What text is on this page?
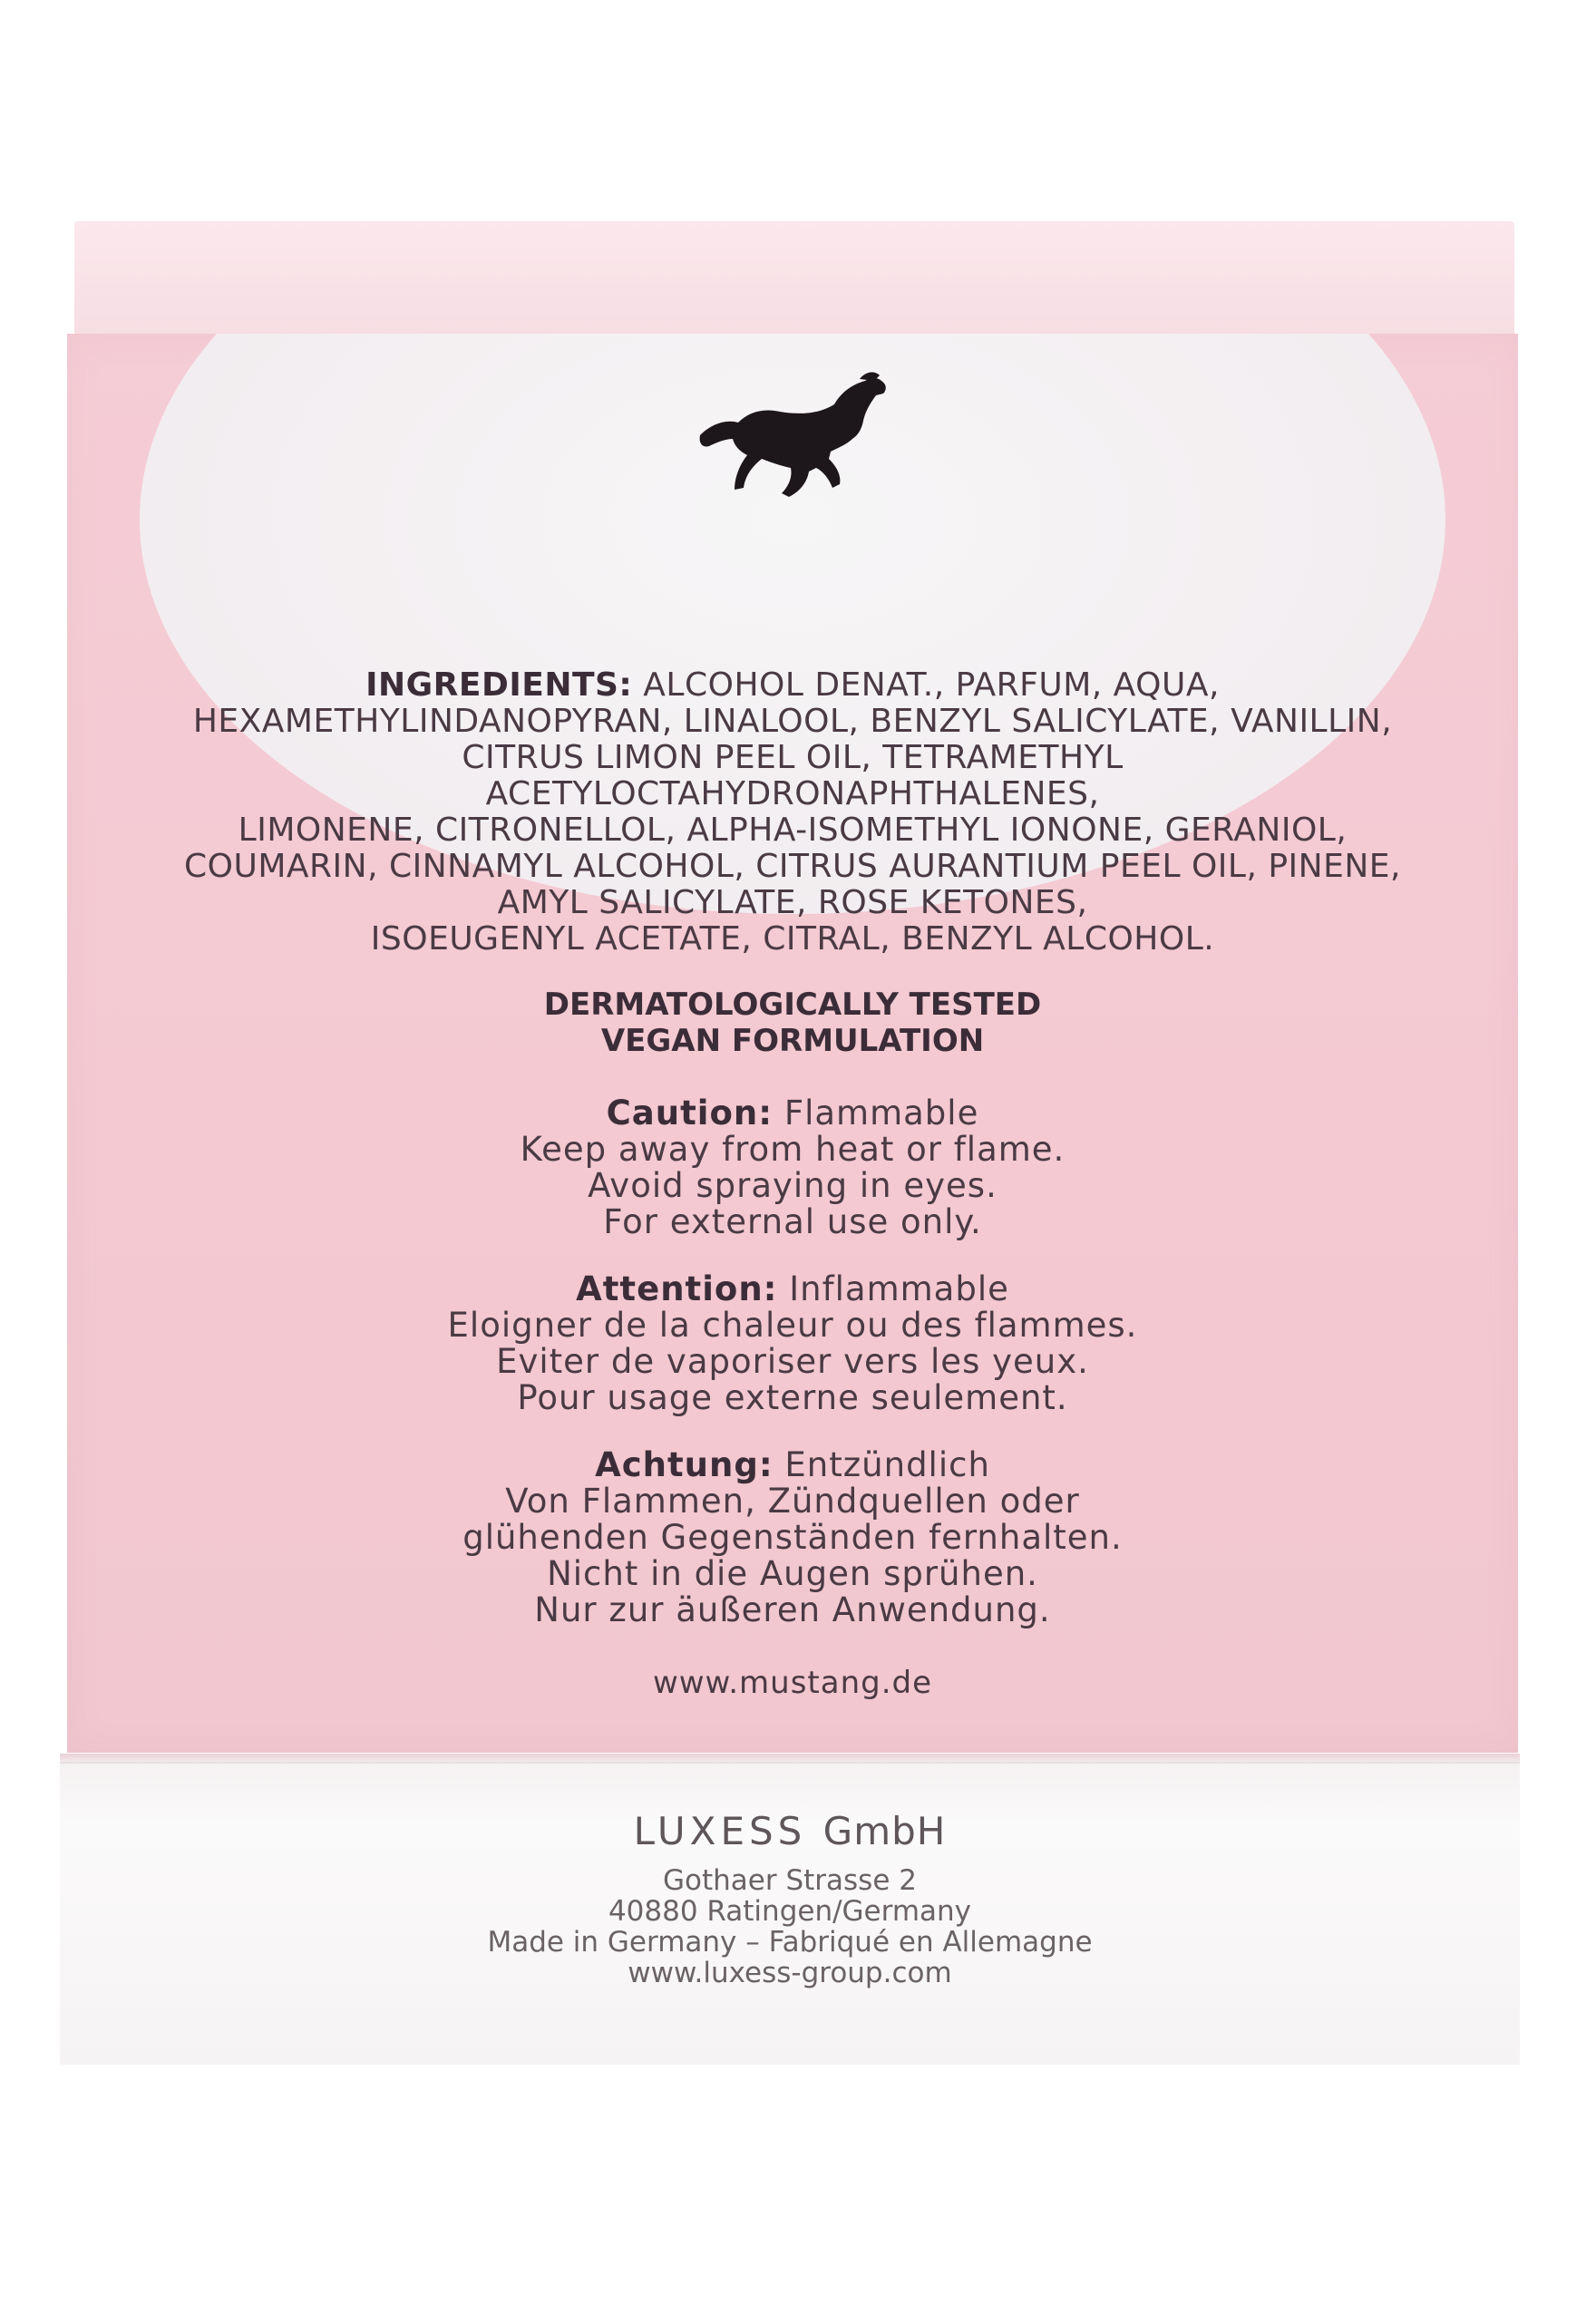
INGREDIENTS: ALCOHOL DENAT., PARFUM, AQUA,
HEXAMETHYLINDANOPYRAN, LINALOOL, BENZYL SALICYLATE, VANILLIN,
CITRUS LIMON PEEL OIL, TETRAMETHYL
ACETYLOCTAHYDRONAPHTHALENES,
LIMONENE, CITRONELLOL, ALPHA-ISOMETHYL IONONE, GERANIOL,
COUMARIN, CINNAMYL ALCOHOL, CITRUS AURANTIUM PEEL OIL, PINENE,
AMYL SALICYLATE, ROSE KETONES,
ISOEUGENYL ACETATE, CITRAL, BENZYL ALCOHOL.
DERMATOLOGICALLY TESTED
VEGAN FORMULATION
Caution: Flammable
Keep away from heat or flame.
Avoid spraying in eyes.
For external use only.
Attention: Inflammable
Eloigner de la chaleur ou des flammes.
Eviter de vaporiser vers les yeux.
Pour usage externe seulement.
Achtung: Entzündlich
Von Flammen, Zündquellen oder
glühenden Gegenständen fernhalten.
Nicht in die Augen sprühen.
Nur zur äußeren Anwendung.
www.mustang.de
LUXESS GmbH
Gothaer Strasse 2
40880 Ratingen/Germany
Made in Germany – Fabriqué en Allemagne
www.luxess-group.com
